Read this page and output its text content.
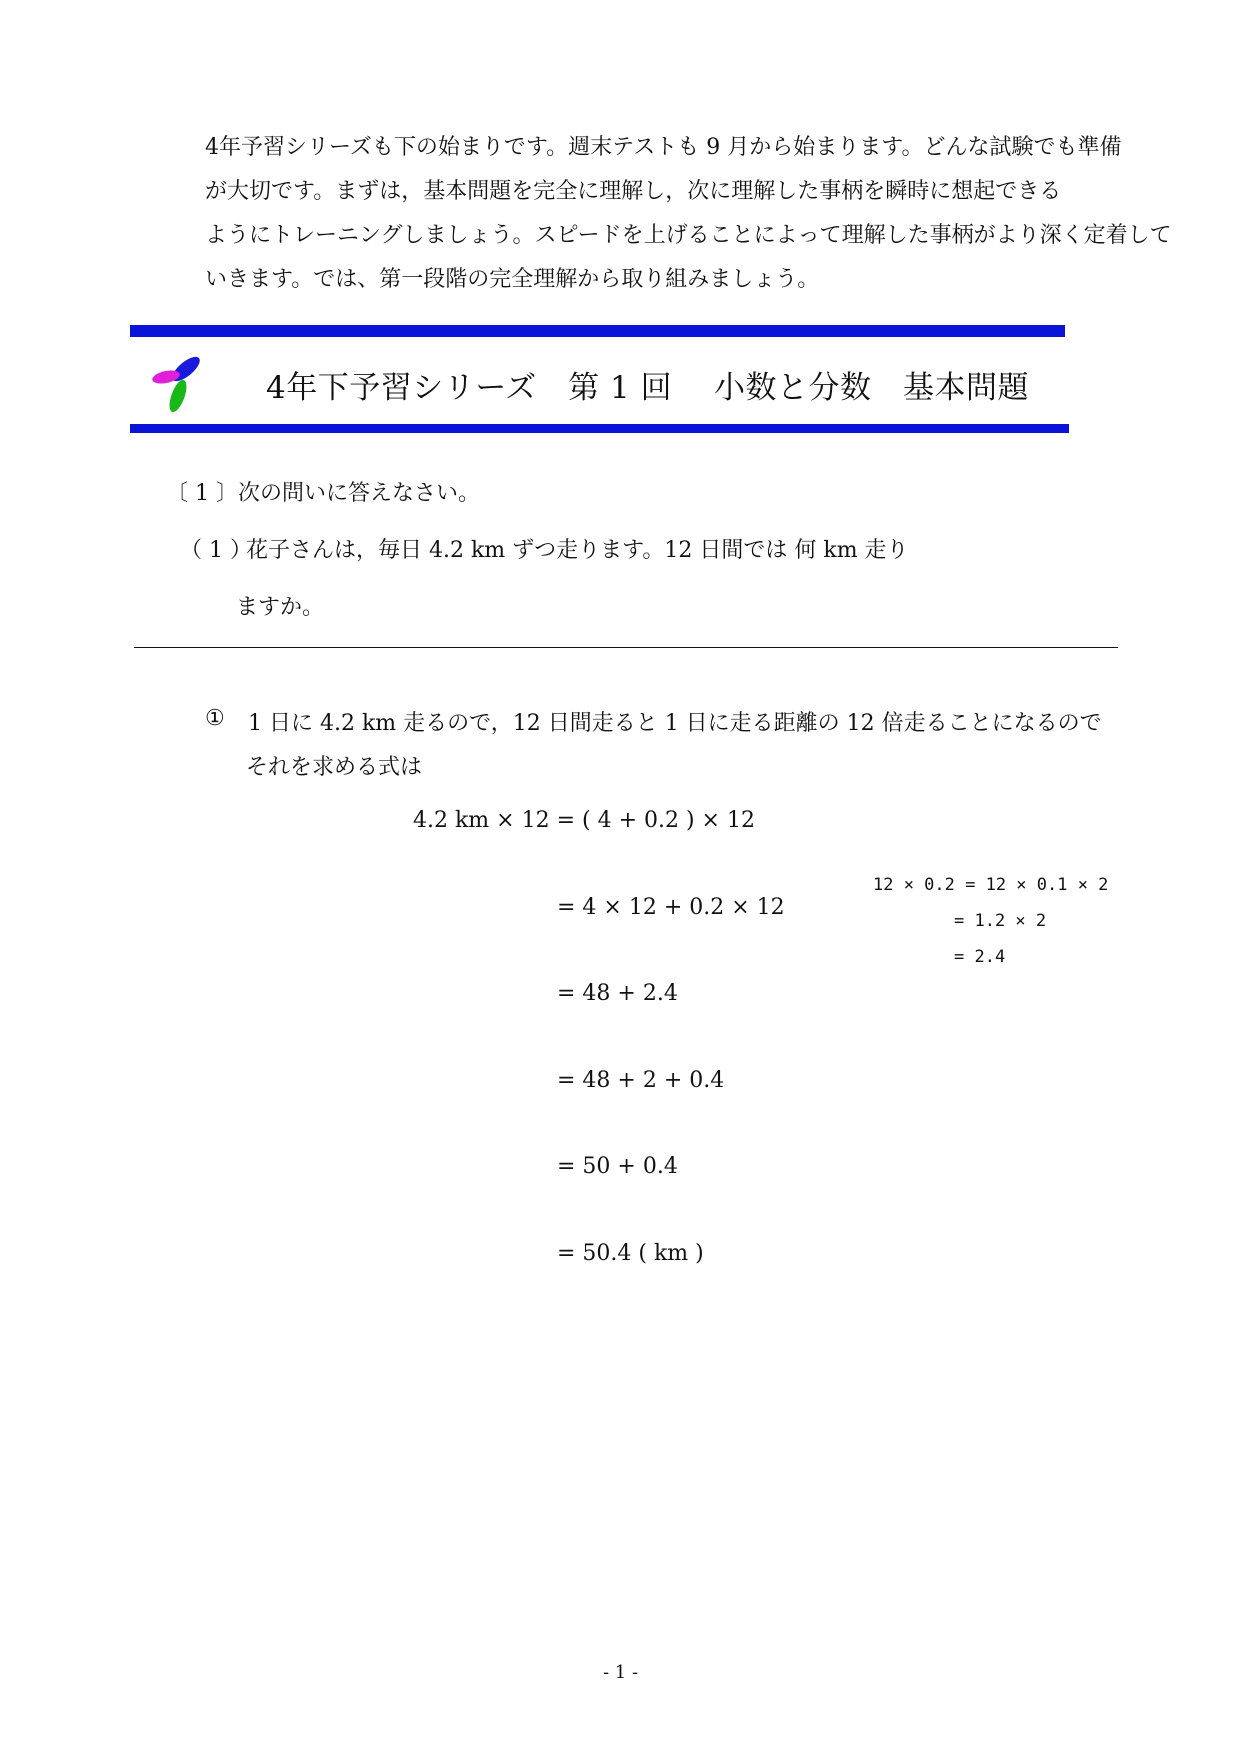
4年予習シリーズも下の始まりです。週末テストも 9 月から始まります。どんな試験でも準備
が大切です。まずは，基本問題を完全に理解し，次に理解した事柄を瞬時に想起できる
ようにトレーニングしましょう。スピードを上げることによって理解した事柄がより深く定着して
いきます。では、第一段階の完全理解から取り組みましょう。
4年下予習シリーズ　第 1 回　 小数と分数　基本問題
〔 1 〕 次の問いに答えなさい。
（ 1 ）
花子さんは，毎日 4.2 km ずつ走ります。12 日間では 何 km 走り
ますか。
① 1 日に 4.2 km 走るので，12 日間走ると 1 日に走る距離の 12 倍走ることになるので
それを求める式は
4.2 km × 12 = ( 4 + 0.2 ) × 12
= 4 × 12 + 0.2 × 12
= 48 + 2.4
= 48 + 2 + 0.4
= 50 + 0.4
= 50.4 ( km )
12 × 0.2 = 12 × 0.1 × 2
= 1.2 × 2
= 2.4
- 1 -
